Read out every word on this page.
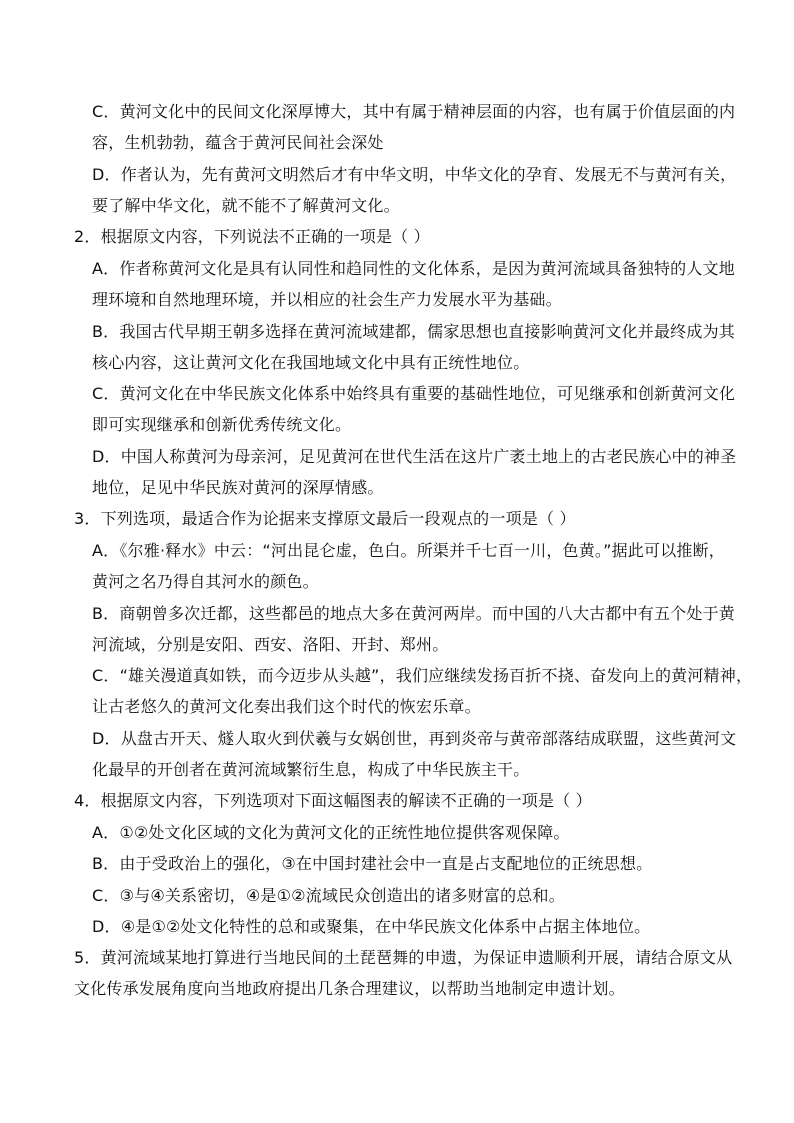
C．黄河文化中的民间文化深厚博大，其中有属于精神层面的内容，也有属于价值层面的内
容，生机勃勃，蕴含于黄河民间社会深处
D．作者认为，先有黄河文明然后才有中华文明，中华文化的孕育、发展无不与黄河有关，
要了解中华文化，就不能不了解黄河文化。
2．根据原文内容，下列说法不正确的一项是（ ）
A．作者称黄河文化是具有认同性和趋同性的文化体系，是因为黄河流域具备独特的人文地
理环境和自然地理环境，并以相应的社会生产力发展水平为基础。
B．我国古代早期王朝多选择在黄河流域建都，儒家思想也直接影响黄河文化并最终成为其
核心内容，这让黄河文化在我国地域文化中具有正统性地位。
C．黄河文化在中华民族文化体系中始终具有重要的基础性地位，可见继承和创新黄河文化
即可实现继承和创新优秀传统文化。
D．中国人称黄河为母亲河，足见黄河在世代生活在这片广袤土地上的古老民族心中的神圣
地位，足见中华民族对黄河的深厚情感。
3．下列选项，最适合作为论据来支撑原文最后一段观点的一项是（ ）
A．《尔雅·释水》中云：“河出昆仑虚，色白。所渠并千七百一川，色黄。”据此可以推断，
黄河之名乃得自其河水的颜色。
B．商朝曾多次迁都，这些都邑的地点大多在黄河两岸。而中国的八大古都中有五个处于黄
河流域，分别是安阳、西安、洛阳、开封、郑州。
C．“雄关漫道真如铁，而今迈步从头越”，我们应继续发扬百折不挠、奋发向上的黄河精神，
让古老悠久的黄河文化奏出我们这个时代的恢宏乐章。
D．从盘古开天、燧人取火到伏羲与女娲创世，再到炎帝与黄帝部落结成联盟，这些黄河文
化最早的开创者在黄河流域繁衍生息，构成了中华民族主干。
4．根据原文内容，下列选项对下面这幅图表的解读不正确的一项是（ ）
A．①②处文化区域的文化为黄河文化的正统性地位提供客观保障。
B．由于受政治上的强化，③在中国封建社会中一直是占支配地位的正统思想。
C．③与④关系密切，④是①②流域民众创造出的诸多财富的总和。
D．④是①②处文化特性的总和或聚集，在中华民族文化体系中占据主体地位。
5．黄河流域某地打算进行当地民间的土琵琶舞的申遗，为保证申遗顺利开展，请结合原文从
文化传承发展角度向当地政府提出几条合理建议，以帮助当地制定申遗计划。
